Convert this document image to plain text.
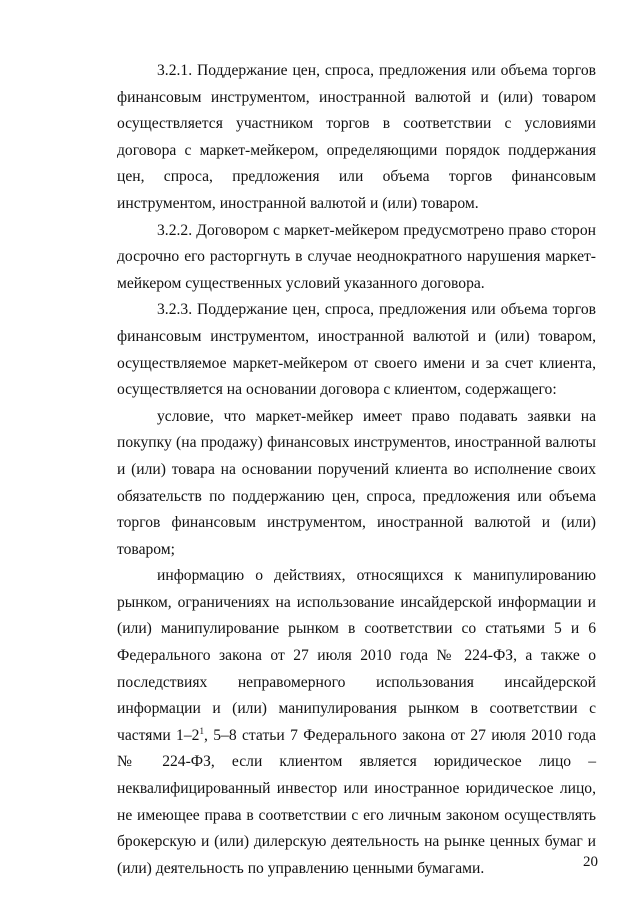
3.2.1. Поддержание цен, спроса, предложения или объема торгов финансовым инструментом, иностранной валютой и (или) товаром осуществляется участником торгов в соответствии с условиями договора с маркет-мейкером, определяющими порядок поддержания цен, спроса, предложения или объема торгов финансовым инструментом, иностранной валютой и (или) товаром.

3.2.2. Договором с маркет-мейкером предусмотрено право сторон досрочно его расторгнуть в случае неоднократного нарушения маркет-мейкером существенных условий указанного договора.

3.2.3. Поддержание цен, спроса, предложения или объема торгов финансовым инструментом, иностранной валютой и (или) товаром, осуществляемое маркет-мейкером от своего имени и за счет клиента, осуществляется на основании договора с клиентом, содержащего:

условие, что маркет-мейкер имеет право подавать заявки на покупку (на продажу) финансовых инструментов, иностранной валюты и (или) товара на основании поручений клиента во исполнение своих обязательств по поддержанию цен, спроса, предложения или объема торгов финансовым инструментом, иностранной валютой и (или) товаром;

информацию о действиях, относящихся к манипулированию рынком, ограничениях на использование инсайдерской информации и (или) манипулирование рынком в соответствии со статьями 5 и 6 Федерального закона от 27 июля 2010 года № 224-ФЗ, а также о последствиях неправомерного использования инсайдерской информации и (или) манипулирования рынком в соответствии с частями $1-2^1$, 5–8 статьи 7 Федерального закона от 27 июля 2010 года № 224-ФЗ, если клиентом является юридическое лицо – неквалифицированный инвестор или иностранное юридическое лицо, не имеющее права в соответствии с его личным законом осуществлять брокерскую и (или) дилерскую деятельность на рынке ценных бумаг и (или) деятельность по управлению ценными бумагами.	20
